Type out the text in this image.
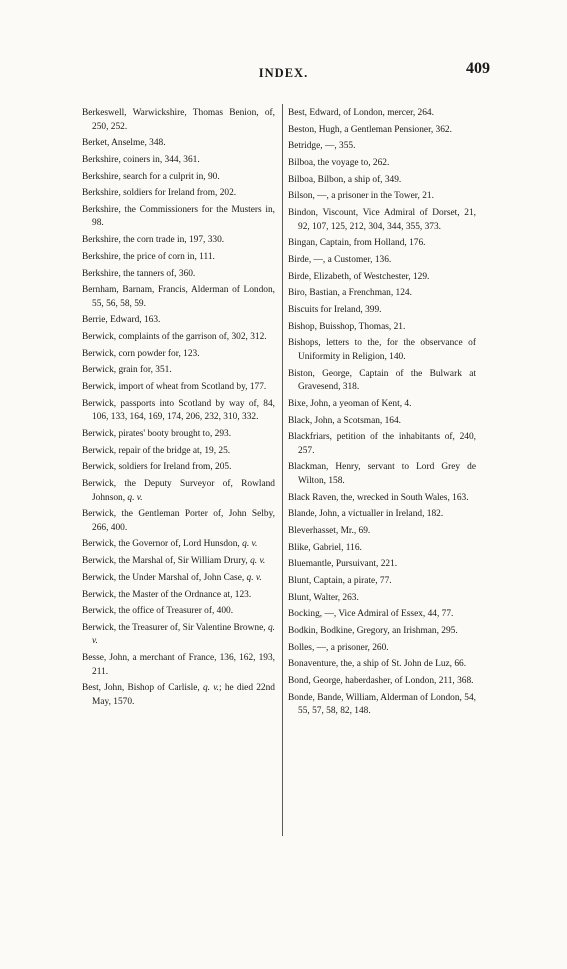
INDEX.	409

Berkeswell, Warwickshire, Thomas Benion, of, 250, 252.

Berket, Anselme, 348.

Berkshire, coiners in, 344, 361.

Berkshire, search for a culprit in, 90.

Berkshire, soldiers for Ireland from, 202.

Berkshire, the Commissioners for the Musters in, 98.

Berkshire, the corn trade in, 197, 330.

Berkshire, the price of corn in, 111.

Berkshire, the tanners of, 360.

Bernham, Barnam, Francis, Alderman of London, 55, 56, 58, 59.

Berrie, Edward, 163.

Berwick, complaints of the garrison of, 302, 312.

Berwick, corn powder for, 123.

Berwick, grain for, 351.

Berwick, import of wheat from Scotland by, 177.

Berwick, passports into Scotland by way of, 84, 106, 133, 164, 169, 174, 206, 232, 310, 332.

Berwick, pirates' booty brought to, 293.

Berwick, repair of the bridge at, 19, 25.

Berwick, soldiers for Ireland from, 205.

Berwick, the Deputy Surveyor of, Rowland Johnson, q. v.

Berwick, the Gentleman Porter of, John Selby, 266, 400.

Berwick, the Governor of, Lord Hunsdon, q. v.

Berwick, the Marshal of, Sir William Drury, q. v.

Berwick, the Under Marshal of, John Case, q. v.

Berwick, the Master of the Ordnance at, 123.

Berwick, the office of Treasurer of, 400.

Berwick, the Treasurer of, Sir Valentine Browne, q. v.

Besse, John, a merchant of France, 136, 162, 193, 211.

Best, John, Bishop of Carlisle, q. v.; he died 22nd May, 1570.

Best, Edward, of London, mercer, 264.

Beston, Hugh, a Gentleman Pensioner, 362.

Betridge, —, 355.

Bilboa, the voyage to, 262.

Bilboa, Bilbon, a ship of, 349.

Bilson, —, a prisoner in the Tower, 21.

Bindon, Viscount, Vice Admiral of Dorset, 21, 92, 107, 125, 212, 304, 344, 355, 373.

Bingan, Captain, from Holland, 176.

Birde, —, a Customer, 136.

Birde, Elizabeth, of Westchester, 129.

Biro, Bastian, a Frenchman, 124.

Biscuits for Ireland, 399.

Bishop, Buisshop, Thomas, 21.

Bishops, letters to the, for the observance of Uniformity in Religion, 140.

Biston, George, Captain of the Bulwark at Gravesend, 318.

Bixe, John, a yeoman of Kent, 4.

Black, John, a Scotsman, 164.

Blackfriars, petition of the inhabitants of, 240, 257.

Blackman, Henry, servant to Lord Grey de Wilton, 158.

Black Raven, the, wrecked in South Wales, 163.

Blande, John, a victualler in Ireland, 182.

Bleverhasset, Mr., 69.

Blike, Gabriel, 116.

Bluemantle, Pursuivant, 221.

Blunt, Captain, a pirate, 77.

Blunt, Walter, 263.

Bocking, —, Vice Admiral of Essex, 44, 77.

Bodkin, Bodkine, Gregory, an Irishman, 295.

Bolles, —, a prisoner, 260.

Bonaventure, the, a ship of St. John de Luz, 66.

Bond, George, haberdasher, of London, 211, 368.

Bonde, Bande, William, Alderman of London, 54, 55, 57, 58, 82, 148.
